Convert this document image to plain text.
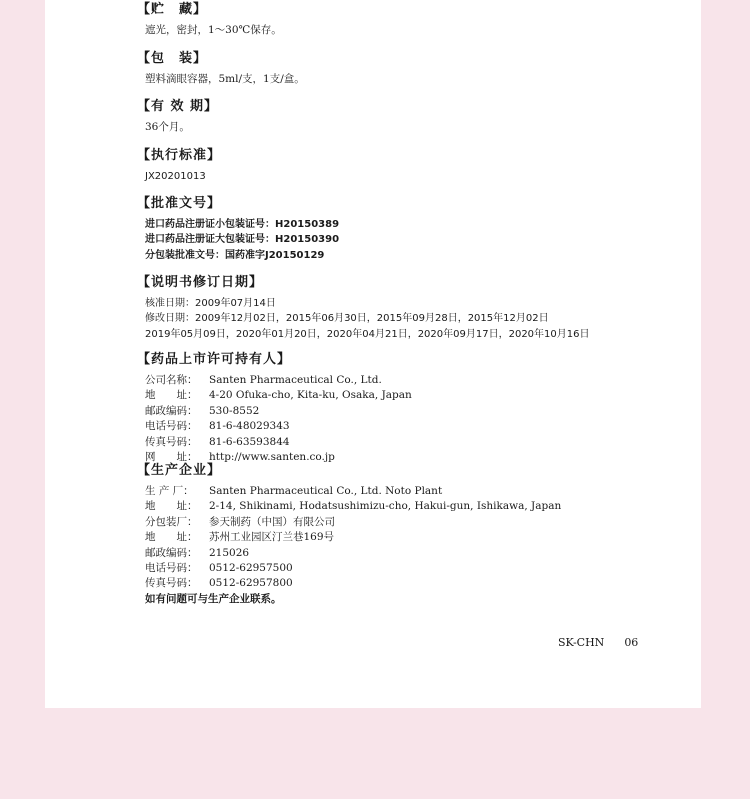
【贮　藏】
遮光，密封，1～30℃保存。
【包　装】
塑料滴眼容器，5ml/支，1支/盒。
【有 效 期】
36个月。
【执行标准】
JX20201013
【批准文号】
进口药品注册证小包装证号：H20150389
进口药品注册证大包装证号：H20150390
分包装批准文号：国药准字J20150129
【说明书修订日期】
核准日期：2009年07月14日
修改日期：2009年12月02日，2015年06月30日，2015年09月28日，2015年12月02日
2019年05月09日，2020年01月20日，2020年04月21日，2020年09月17日，2020年10月16日
【药品上市许可持有人】
公司名称：	Santen Pharmaceutical Co., Ltd.
地　　址：	4-20 Ofuka-cho, Kita-ku, Osaka, Japan
邮政编码：	530-8552
电话号码：	81-6-48029343
传真号码：	81-6-63593844
网　　址：	http://www.santen.co.jp
【生产企业】
生 产 厂：	Santen Pharmaceutical Co., Ltd. Noto Plant
地　　址：	2-14, Shikinami, Hodatsushimizu-cho, Hakui-gun, Ishikawa, Japan
分包装厂：	参天制药（中国）有限公司
地　　址：	苏州工业园区汀兰巷169号
邮政编码：	215026
电话号码：	0512-62957500
传真号码：	0512-62957800
如有问题可与生产企业联系。
SK-CHN 06
